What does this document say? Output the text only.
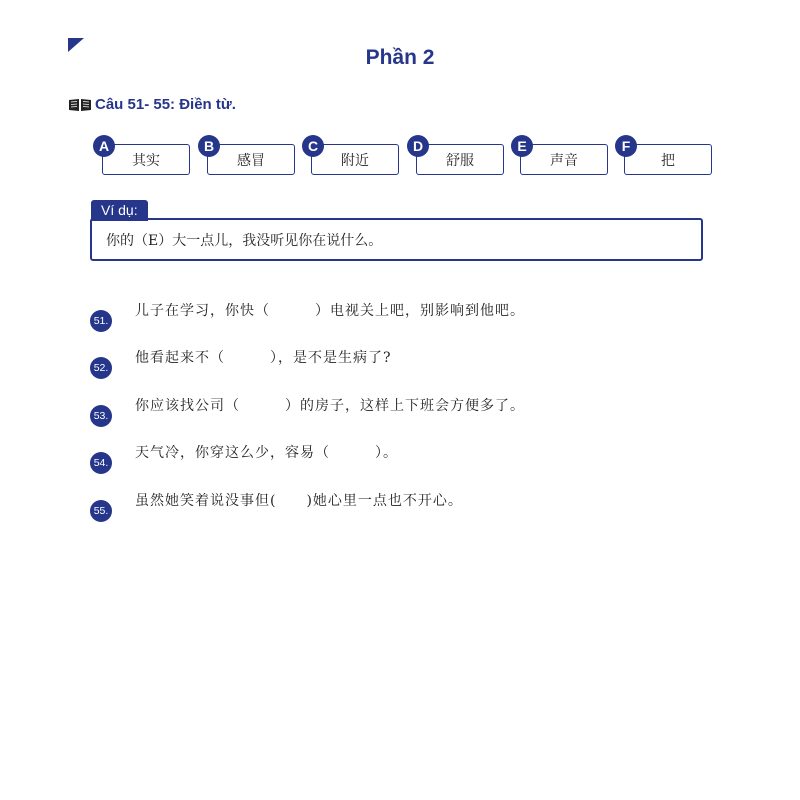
Phần 2
Câu 51- 55: Điền từ.
A
其实
B
感冒
C
附近
D
舒服
E
声音
F
把
Ví dụ:
你的（E）大一点儿，我没听见你在说什么。
51.
儿子在学习，你快（　　　）电视关上吧，别影响到他吧。
52.
他看起来不（　　　），是不是生病了?
53.
你应该找公司（　　　）的房子，这样上下班会方便多了。
54.
天气冷，你穿这么少，容易（　　　）。
55.
虽然她笑着说没事但(　　)她心里一点也不开心。
